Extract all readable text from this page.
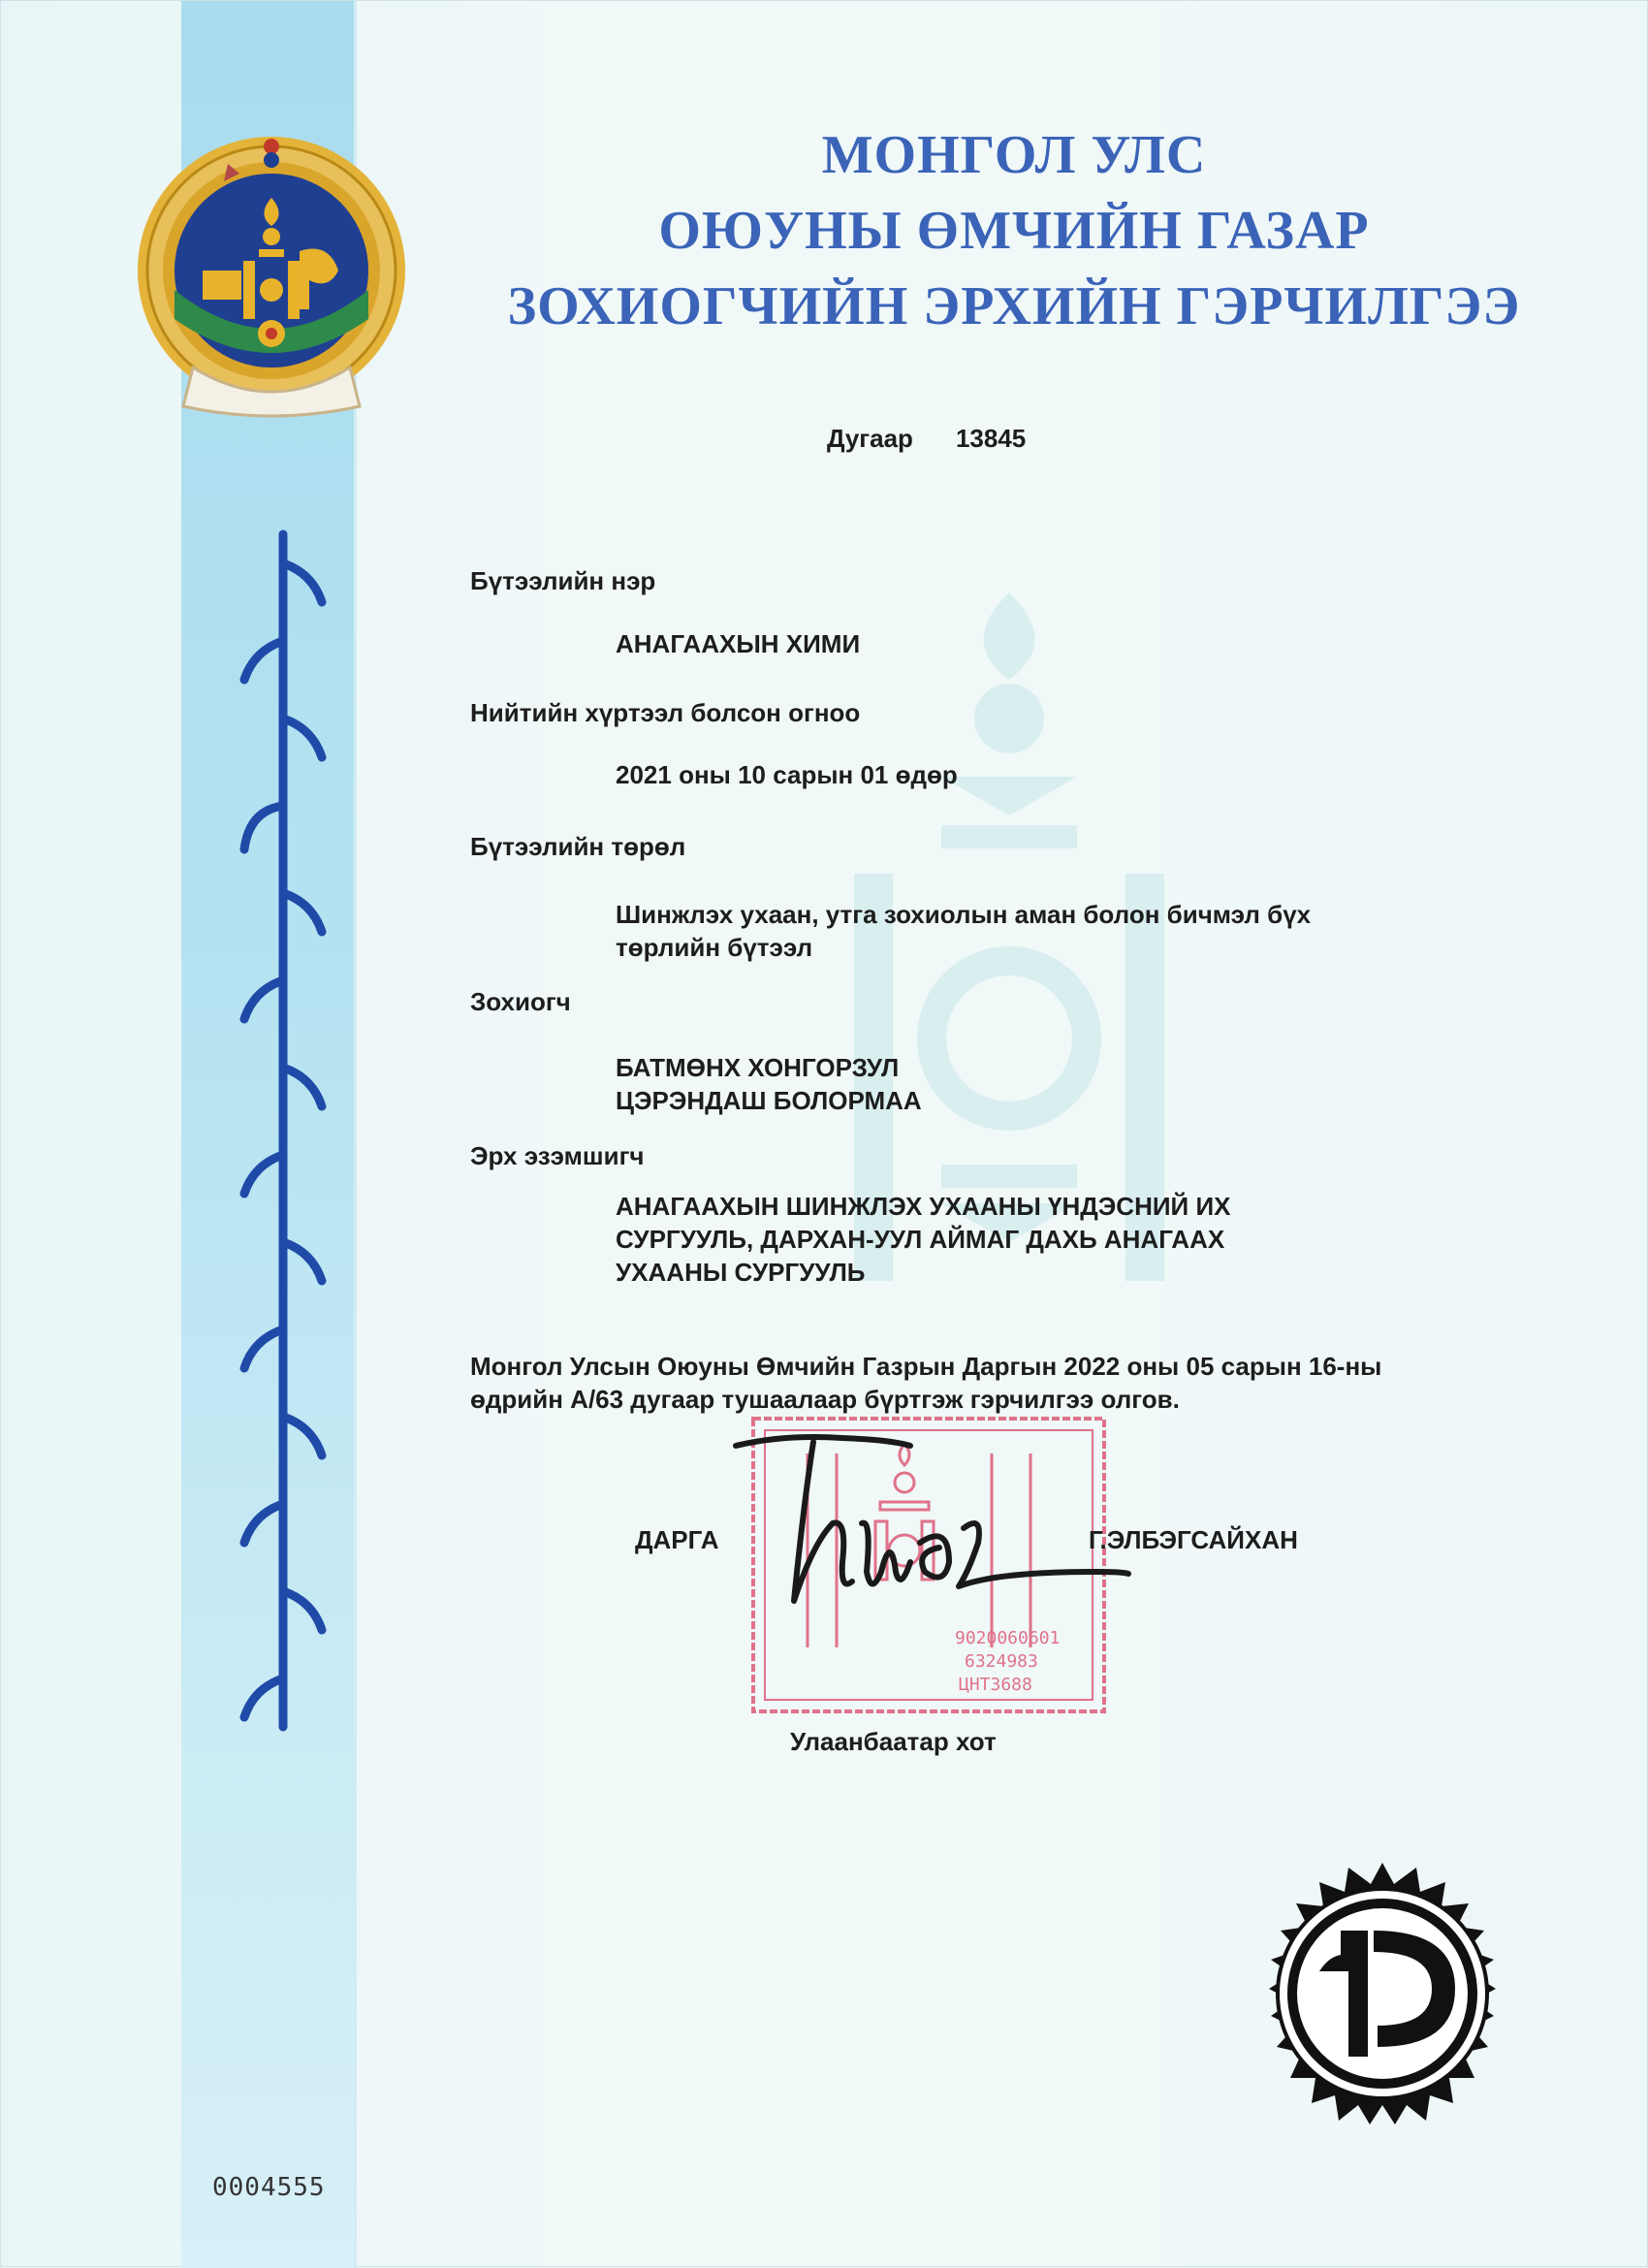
МОНГОЛ УЛС
ОЮУНЫ ӨМЧИЙН ГАЗАР
ЗОХИОГЧИЙН ЭРХИЙН ГЭРЧИЛГЭЭ
Дугаар 13845
Бүтээлийн нэр
АНАГААХЫН ХИМИ
Нийтийн хүртээл болсон огноо
2021 оны 10 сарын 01 өдөр
Бүтээлийн төрөл
Шинжлэх ухаан, утга зохиолын аман болон бичмэл бүх
төрлийн бүтээл
Зохиогч
БАТМӨНХ ХОНГОРЗУЛ
ЦЭРЭНДАШ БОЛОРМАА
Эрх эзэмшигч
АНАГААХЫН ШИНЖЛЭХ УХААНЫ ҮНДЭСНИЙ ИХ
СУРГУУЛЬ, ДАРХАН-УУЛ АЙМАГ ДАХЬ АНАГААХ
УХААНЫ СУРГУУЛЬ
Монгол Улсын Оюуны Өмчийн Газрын Даргын 2022 оны 05 сарын 16-ны
өдрийн А/63 дугаар тушаалаар бүртгэж гэрчилгээ олгов.
9020060601
6324983
ЦНТ3688
ДАРГА	Г.ЭЛБЭГСАЙХАН
Улаанбаатар хот
0004555
